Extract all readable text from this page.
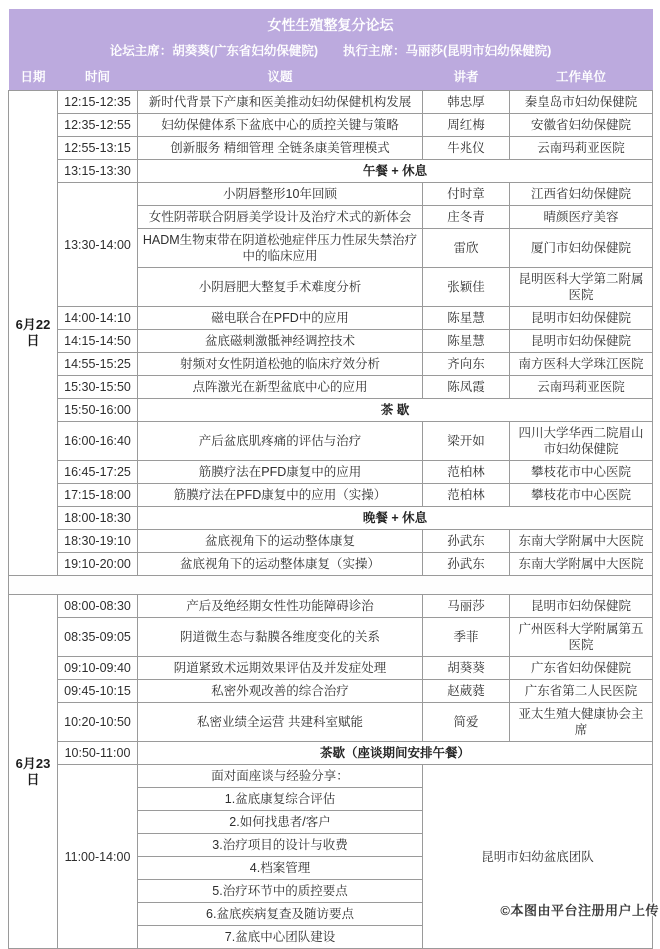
女性生殖整复分论坛				
论坛主席：胡葵葵(广东省妇幼保健院)　　执行主席：马丽莎(昆明市妇幼保健院)				
日期	时间	议题	讲者	工作单位
6月22日	12:15-12:35	新时代背景下产康和医美推动妇幼保健机构发展	韩忠厚	秦皇岛市妇幼保健院
	12:35-12:55	妇幼保健体系下盆底中心的质控关键与策略	周红梅	安徽省妇幼保健院
	12:55-13:15	创新服务 精细管理 全链条康美管理模式	牛兆仪	云南玛莉亚医院
	13:15-13:30	午餐 + 休息		
	13:30-14:00	小阴唇整形10年回顾	付时章	江西省妇幼保健院
		女性阴蒂联合阴唇美学设计及治疗术式的新体会	庄冬青	晴颜医疗美容
		HADM生物束带在阴道松弛症伴压力性尿失禁治疗中的临床应用	雷欣	厦门市妇幼保健院
		小阴唇肥大整复手术难度分析	张颖佳	昆明医科大学第二附属医院
	14:00-14:10	磁电联合在PFD中的应用	陈星慧	昆明市妇幼保健院
	14:15-14:50	盆底磁刺激骶神经调控技术	陈星慧	昆明市妇幼保健院
	14:55-15:25	射频对女性阴道松弛的临床疗效分析	齐向东	南方医科大学珠江医院
	15:30-15:50	点阵激光在新型盆底中心的应用	陈凤霞	云南玛莉亚医院
	15:50-16:00	茶 歇		
	16:00-16:40	产后盆底肌疼痛的评估与治疗	梁开如	四川大学华西二院眉山市妇幼保健院
	16:45-17:25	筋膜疗法在PFD康复中的应用	范柏林	攀枝花市中心医院
	17:15-18:00	筋膜疗法在PFD康复中的应用（实操）	范柏林	攀枝花市中心医院
	18:00-18:30	晚餐 + 休息		
	18:30-19:10	盆底视角下的运动整体康复	孙武东	东南大学附属中大医院
	19:10-20:00	盆底视角下的运动整体康复（实操）	孙武东	东南大学附属中大医院

6月23日	08:00-08:30	产后及绝经期女性性功能障碍诊治	马丽莎	昆明市妇幼保健院
	08:35-09:05	阴道微生态与黏膜各维度变化的关系	季菲	广州医科大学附属第五医院
	09:10-09:40	阴道紧致术远期效果评估及并发症处理	胡葵葵	广东省妇幼保健院
	09:45-10:15	私密外观改善的综合治疗	赵葳蕤	广东省第二人民医院
	10:20-10:50	私密业绩全运营 共建科室赋能	简爱	亚太生殖大健康协会主席
	10:50-11:00	茶歇（座谈期间安排午餐）		
	11:00-14:00	面对面座谈与经验分享：	昆明市妇幼盆底团队	
		1.盆底康复综合评估		
		2.如何找患者/客户		
		3.治疗项目的设计与收费		
		4.档案管理		
		5.治疗环节中的质控要点		
		6.盆底疾病复查及随访要点		
		7.盆底中心团队建设		
©本图由平台注册用户上传
